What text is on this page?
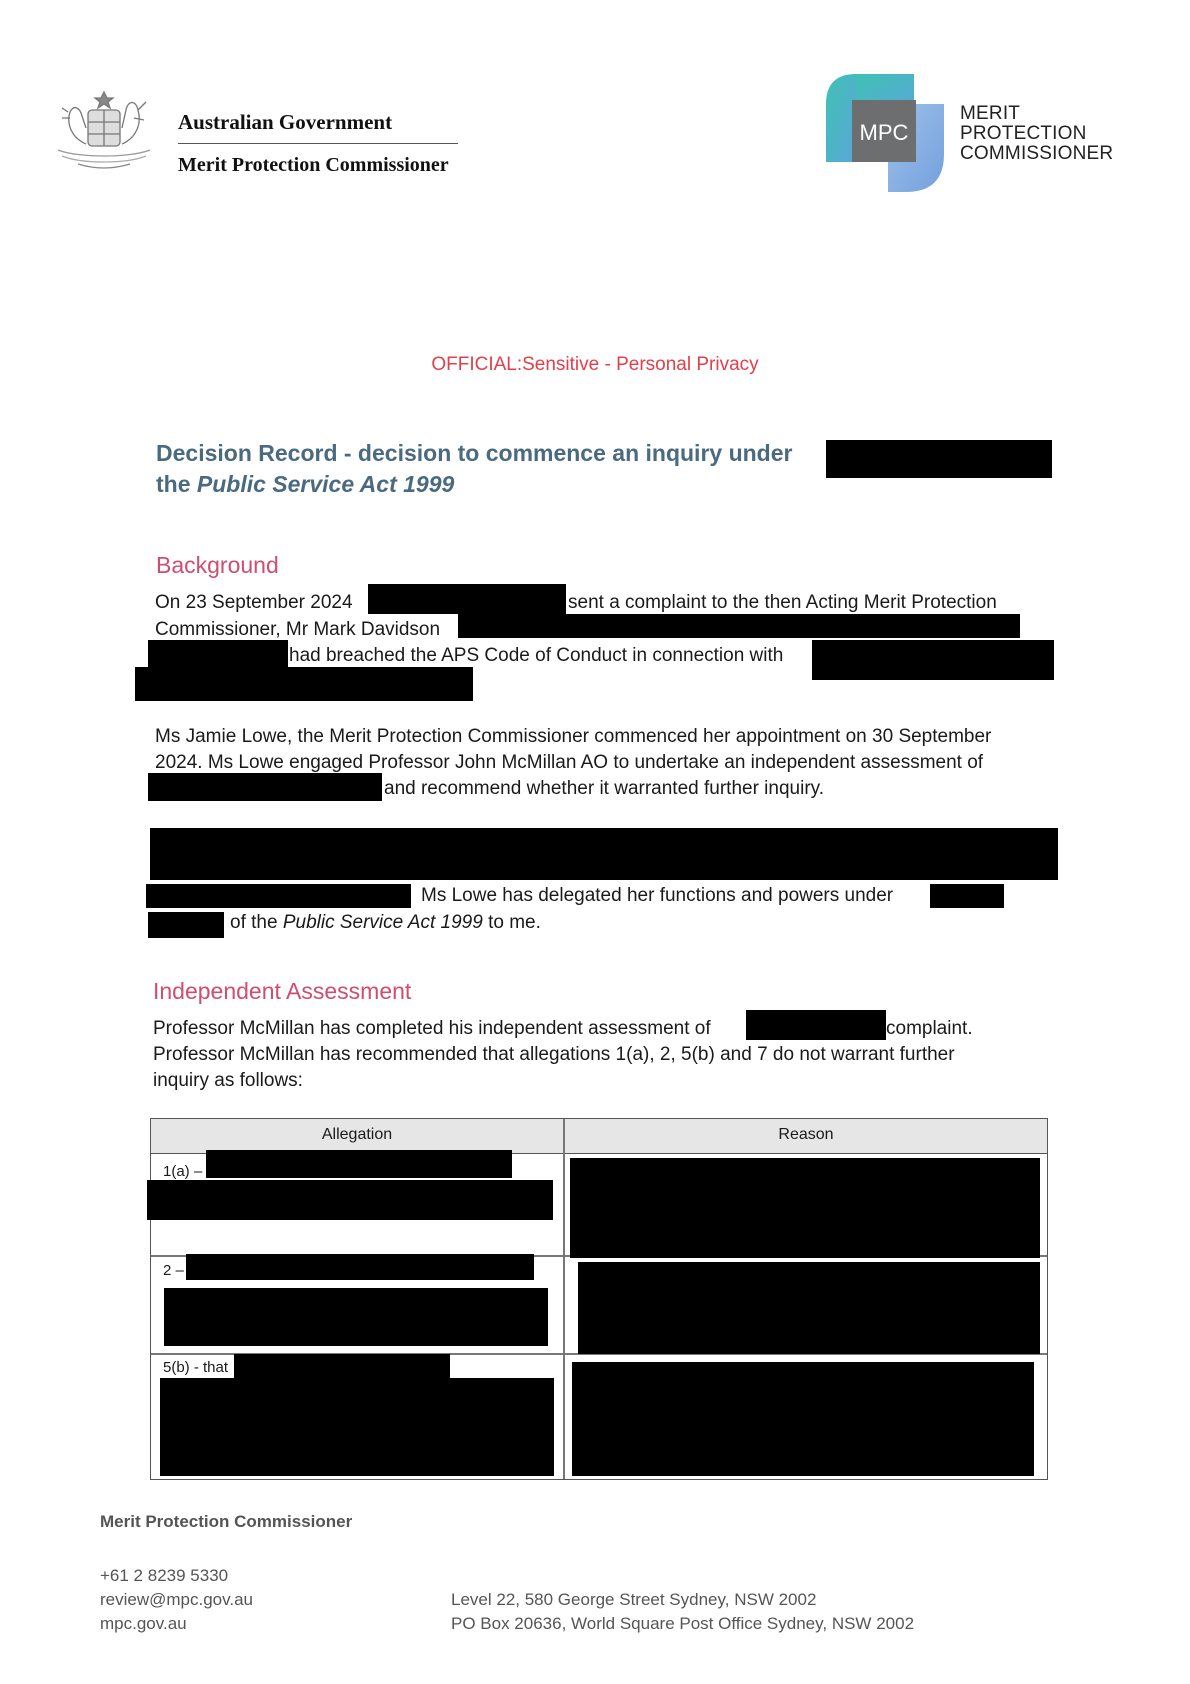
Australian Government
Merit Protection Commissioner
MPC
MERIT
PROTECTION
COMMISSIONER
OFFICIAL:Sensitive - Personal Privacy
Decision Record - decision to commence an inquiry under
the Public Service Act 1999
Background
On 23 September 2024	sent a complaint to the then Acting Merit Protection
Commissioner, Mr Mark Davidson
had breached the APS Code of Conduct in connection with
Ms Jamie Lowe, the Merit Protection Commissioner commenced her appointment on 30 September
2024. Ms Lowe engaged Professor John McMillan AO to undertake an independent assessment of
and recommend whether it warranted further inquiry.
Ms Lowe has delegated her functions and powers under
of the Public Service Act 1999 to me.
Independent Assessment
Professor McMillan has completed his independent assessment of	complaint.
Professor McMillan has recommended that allegations 1(a), 2, 5(b) and 7 do not warrant further
inquiry as follows:
Allegation	Reason
1(a) –
2 –
5(b) - that
Merit Protection Commissioner
+61 2 8239 5330
review@mpc.gov.au
mpc.gov.au
Level 22, 580 George Street Sydney, NSW 2002
PO Box 20636, World Square Post Office Sydney, NSW 2002
